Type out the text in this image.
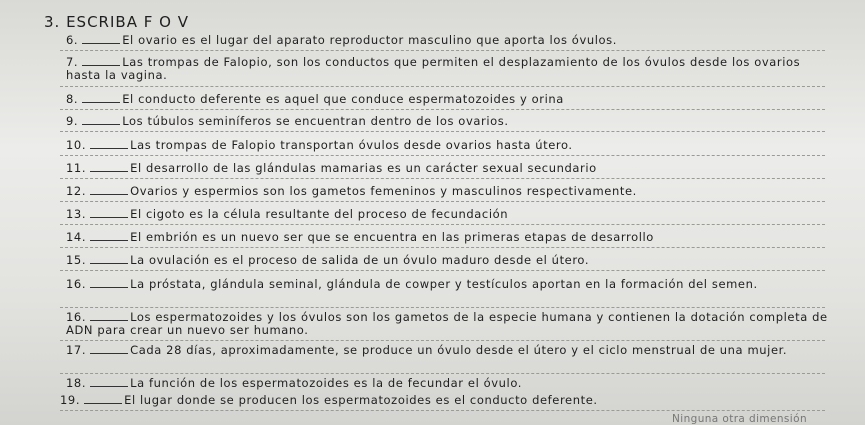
3. ESCRIBA F O V
6.	El ovario es el lugar del aparato reproductor masculino que aporta los óvulos.
7.	Las trompas de Falopio, son los conductos que permiten el desplazamiento de los óvulos desde los ovarios hasta la vagina.
8.	El conducto deferente es aquel que conduce espermatozoides y orina
9.	Los túbulos seminíferos se encuentran dentro de los ovarios.
10.	Las trompas de Falopio transportan óvulos desde ovarios hasta útero.
11.	El desarrollo de las glándulas mamarias es un carácter sexual secundario
12.	Ovarios y espermios son los gametos femeninos y masculinos respectivamente.
13.	El cigoto es la célula resultante del proceso de fecundación
14.	El embrión es un nuevo ser que se encuentra en las primeras etapas de desarrollo
15.	La ovulación es el proceso de salida de un óvulo maduro desde el útero.
16.	La próstata, glándula seminal, glándula de cowper y testículos aportan en la formación del semen.
16.	Los espermatozoides y los óvulos son los gametos de la especie humana y contienen la dotación completa de ADN para crear un nuevo ser humano.
17.	Cada 28 días, aproximadamente, se produce un óvulo desde el útero y el ciclo menstrual de una mujer.
18.	La función de los espermatozoides es la de fecundar el óvulo.
19.	El lugar donde se producen los espermatozoides es el conducto deferente.
Ninguna otra dimensión
